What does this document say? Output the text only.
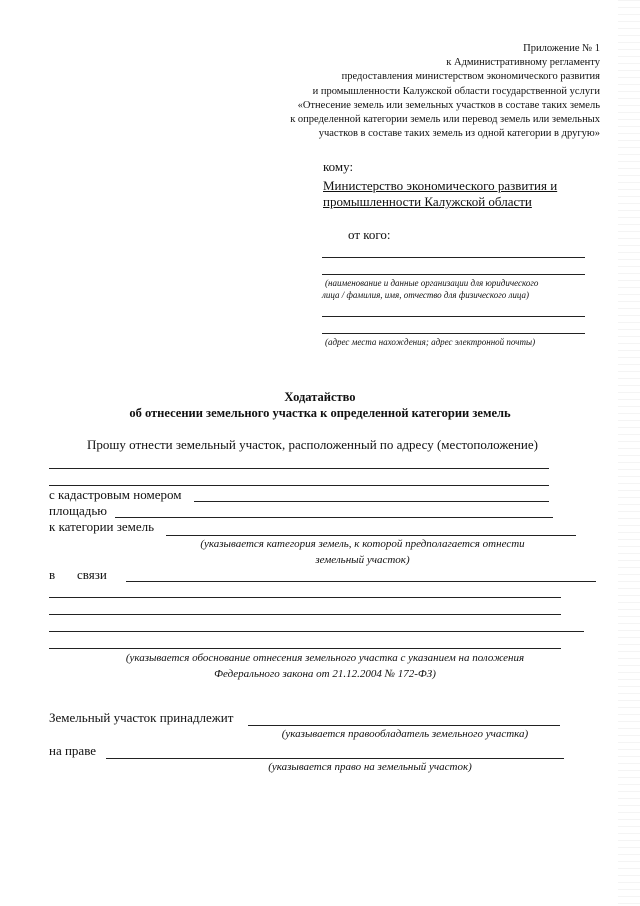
Приложение № 1
к Административному регламенту
предоставления министерством экономического развития
и промышленности Калужской области государственной услуги
«Отнесение земель или земельных участков в составе таких земель
к определенной категории земель или перевод земель или земельных
участков в составе таких земель из одной категории в другую»
кому:
Министерство экономического развития и
промышленности Калужской области
от кого:
(наименование и данные организации для юридического
лица / фамилия, имя, отчество для физического лица)
(адрес места нахождения; адрес электронной почты)
Ходатайство
об отнесении земельного участка к определенной категории земель
Прошу отнести земельный участок, расположенный по адресу (местоположение)
с кадастровым номером
площадью
к категории земель
(указывается категория земель, к которой предполагается отнести
земельный участок)
в связи
(указывается обоснование отнесения земельного участка с указанием на положения
Федерального закона от 21.12.2004 № 172-ФЗ)
Земельный участок принадлежит
(указывается правообладатель земельного участка)
на праве
(указывается право на земельный участок)
